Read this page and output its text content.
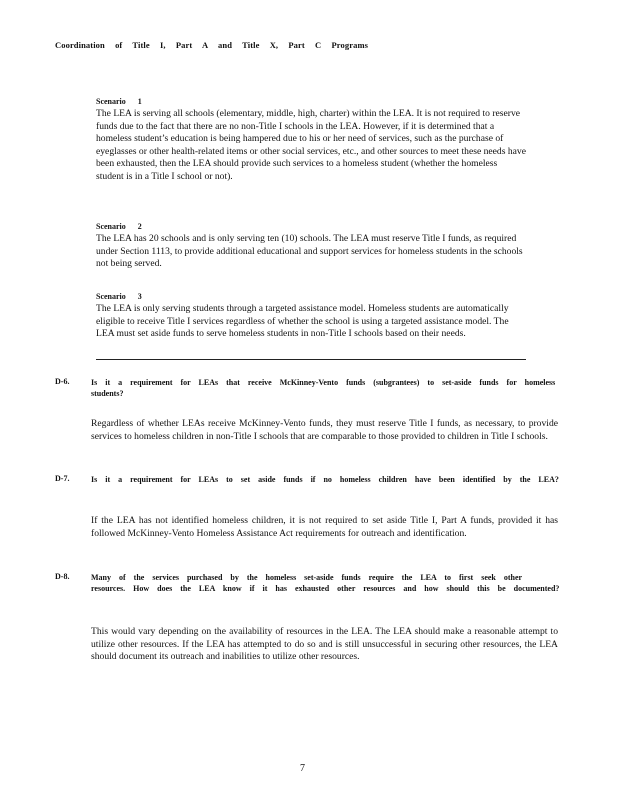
Coordination of Title I, Part A and Title X, Part C Programs

Scenario 1

The LEA is serving all schools (elementary, middle, high, charter) within the LEA. It is not required to reserve funds due to the fact that there are no non-Title I schools in the LEA. However, if it is determined that a homeless student’s education is being hampered due to his or her need of services, such as the purchase of eyeglasses or other health-related items or other social services, etc., and other sources to meet these needs have been exhausted, then the LEA should provide such services to a homeless student (whether the homeless student is in a Title I school or not).

Scenario 2

The LEA has 20 schools and is only serving ten (10) schools. The LEA must reserve Title I funds, as required under Section 1113, to provide additional educational and support services for homeless students in the schools not being served.

Scenario 3

The LEA is only serving students through a targeted assistance model. Homeless students are automatically eligible to receive Title I services regardless of whether the school is using a targeted assistance model. The LEA must set aside funds to serve homeless students in non-Title I schools based on their needs.

D-6.	Is it a requirement for LEAs that receive McKinney-Vento funds (subgrantees) to set-aside funds for homeless students?

Regardless of whether LEAs receive McKinney-Vento funds, they must reserve Title I funds, as necessary, to provide services to homeless children in non-Title I schools that are comparable to those provided to children in Title I schools.

D-7.	Is it a requirement for LEAs to set aside funds if no homeless children have been identified by the LEA?

If the LEA has not identified homeless children, it is not required to set aside Title I, Part A funds, provided it has followed McKinney-Vento Homeless Assistance Act requirements for outreach and identification.

D-8.	Many of the services purchased by the homeless set-aside funds require the LEA to first seek other resources. How does the LEA know if it has exhausted other resources and how should this be documented?

This would vary depending on the availability of resources in the LEA. The LEA should make a reasonable attempt to utilize other resources. If the LEA has attempted to do so and is still unsuccessful in securing other resources, the LEA should document its outreach and inabilities to utilize other resources.

7
